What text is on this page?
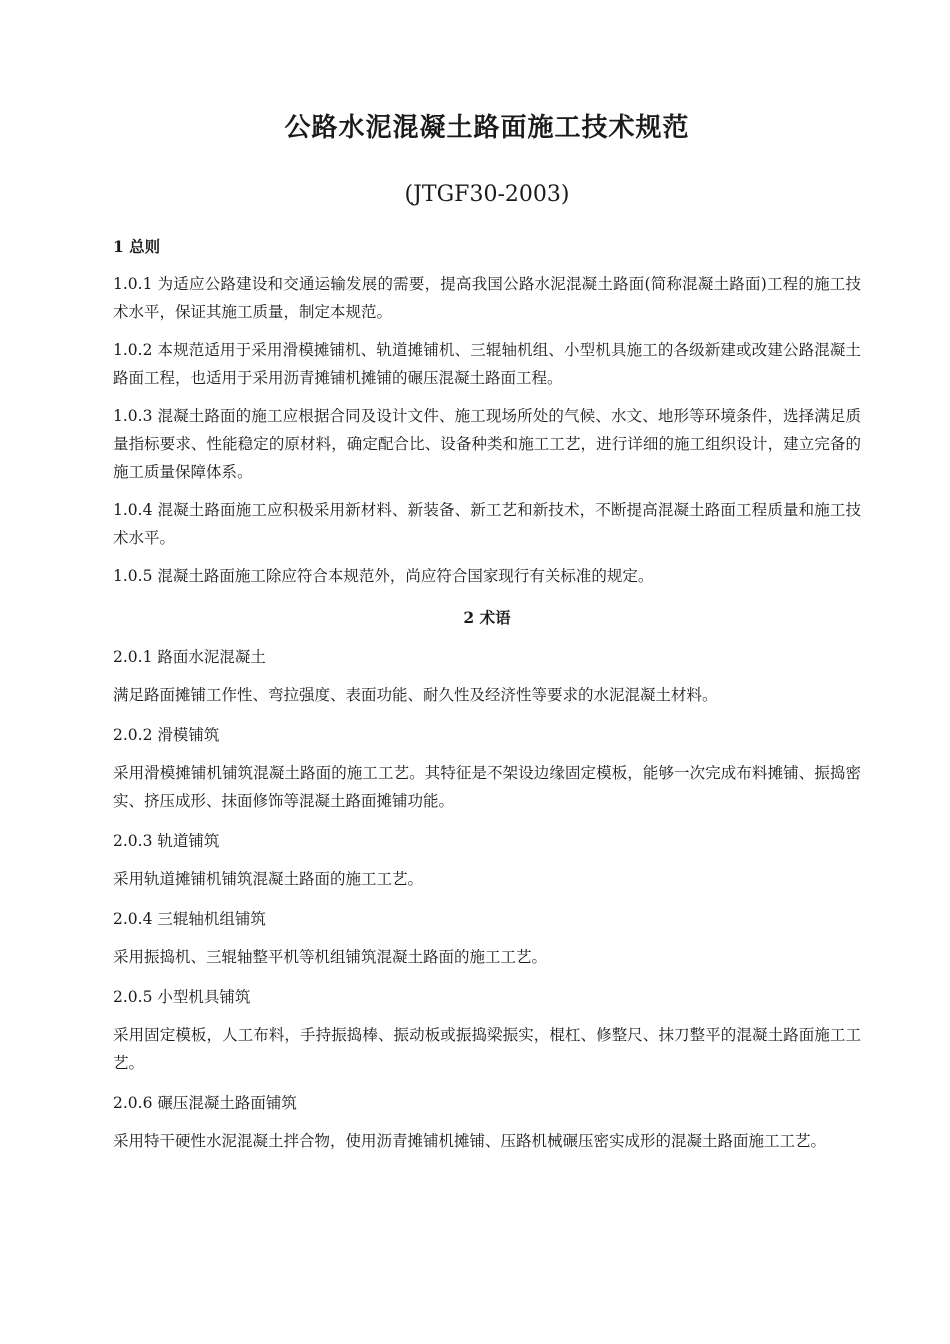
公路水泥混凝土路面施工技术规范
(JTGF30-2003)
1 总则

1.0.1 为适应公路建设和交通运输发展的需要，提高我国公路水泥混凝土路面(简称混凝土路面)工程的施工技术水平，保证其施工质量，制定本规范。

1.0.2 本规范适用于采用滑模摊铺机、轨道摊铺机、三辊轴机组、小型机具施工的各级新建或改建公路混凝土路面工程，也适用于采用沥青摊铺机摊铺的碾压混凝土路面工程。

1.0.3 混凝土路面的施工应根据合同及设计文件、施工现场所处的气候、水文、地形等环境条件，选择满足质量指标要求、性能稳定的原材料，确定配合比、设备种类和施工工艺，进行详细的施工组织设计，建立完备的施工质量保障体系。

1.0.4 混凝土路面施工应积极采用新材料、新装备、新工艺和新技术，不断提高混凝土路面工程质量和施工技术水平。

1.0.5 混凝土路面施工除应符合本规范外，尚应符合国家现行有关标准的规定。

2 术语

2.0.1 路面水泥混凝土

满足路面摊铺工作性、弯拉强度、表面功能、耐久性及经济性等要求的水泥混凝土材料。

2.0.2 滑模铺筑

采用滑模摊铺机铺筑混凝土路面的施工工艺。其特征是不架设边缘固定模板，能够一次完成布料摊铺、振捣密实、挤压成形、抹面修饰等混凝土路面摊铺功能。

2.0.3 轨道铺筑

采用轨道摊铺机铺筑混凝土路面的施工工艺。

2.0.4 三辊轴机组铺筑

采用振捣机、三辊轴整平机等机组铺筑混凝土路面的施工工艺。

2.0.5 小型机具铺筑

采用固定模板，人工布料，手持振捣棒、振动板或振捣梁振实，棍杠、修整尺、抹刀整平的混凝土路面施工工艺。

2.0.6 碾压混凝土路面铺筑

采用特干硬性水泥混凝土拌合物，使用沥青摊铺机摊铺、压路机械碾压密实成形的混凝土路面施工工艺。
